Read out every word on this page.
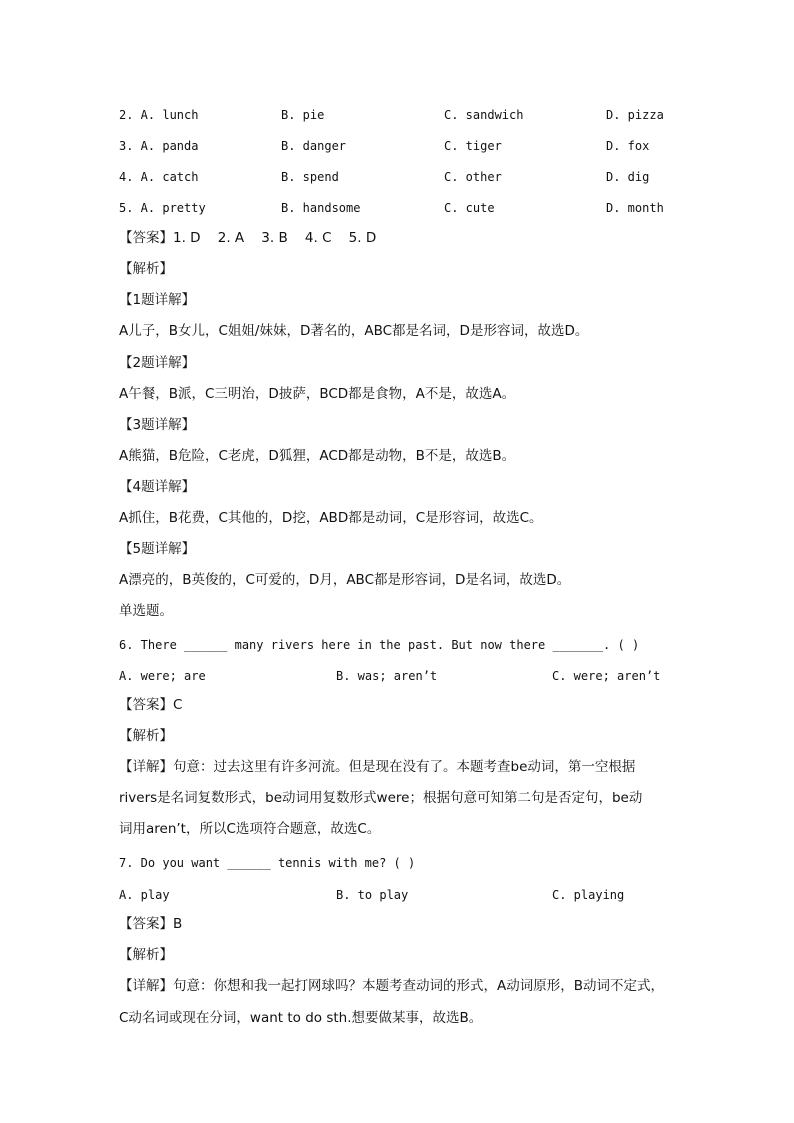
2. A. lunch	B. pie	C. sandwich	D. pizza
3. A. panda	B. danger	C. tiger	D. fox
4. A. catch	B. spend	C. other	D. dig
5. A. pretty	B. handsome	C. cute	D. month
【答案】1. D    2. A    3. B    4. C    5. D
【解析】
【1题详解】
A儿子，B女儿，C姐姐/妹妹，D著名的，ABC都是名词，D是形容词，故选D。
【2题详解】
A午餐，B派，C三明治，D披萨，BCD都是食物，A不是，故选A。
【3题详解】
A熊猫，B危险，C老虎，D狐狸，ACD都是动物，B不是，故选B。
【4题详解】
A抓住，B花费，C其他的，D挖，ABD都是动词，C是形容词，故选C。
【5题详解】
A漂亮的，B英俊的，C可爱的，D月，ABC都是形容词，D是名词，故选D。
单选题。
6. There ______ many rivers here in the past. But now there _______. ( )
A. were; are	B. was; aren’t	C. were; aren’t
【答案】C
【解析】
【详解】句意：过去这里有许多河流。但是现在没有了。本题考查be动词，第一空根据
rivers是名词复数形式，be动词用复数形式were；根据句意可知第二句是否定句，be动
词用aren’t，所以C选项符合题意，故选C。
7. Do you want ______ tennis with me? ( )
A. play	B. to play	C. playing
【答案】B
【解析】
【详解】句意：你想和我一起打网球吗？本题考查动词的形式，A动词原形，B动词不定式，
C动名词或现在分词，want to do sth.想要做某事，故选B。
